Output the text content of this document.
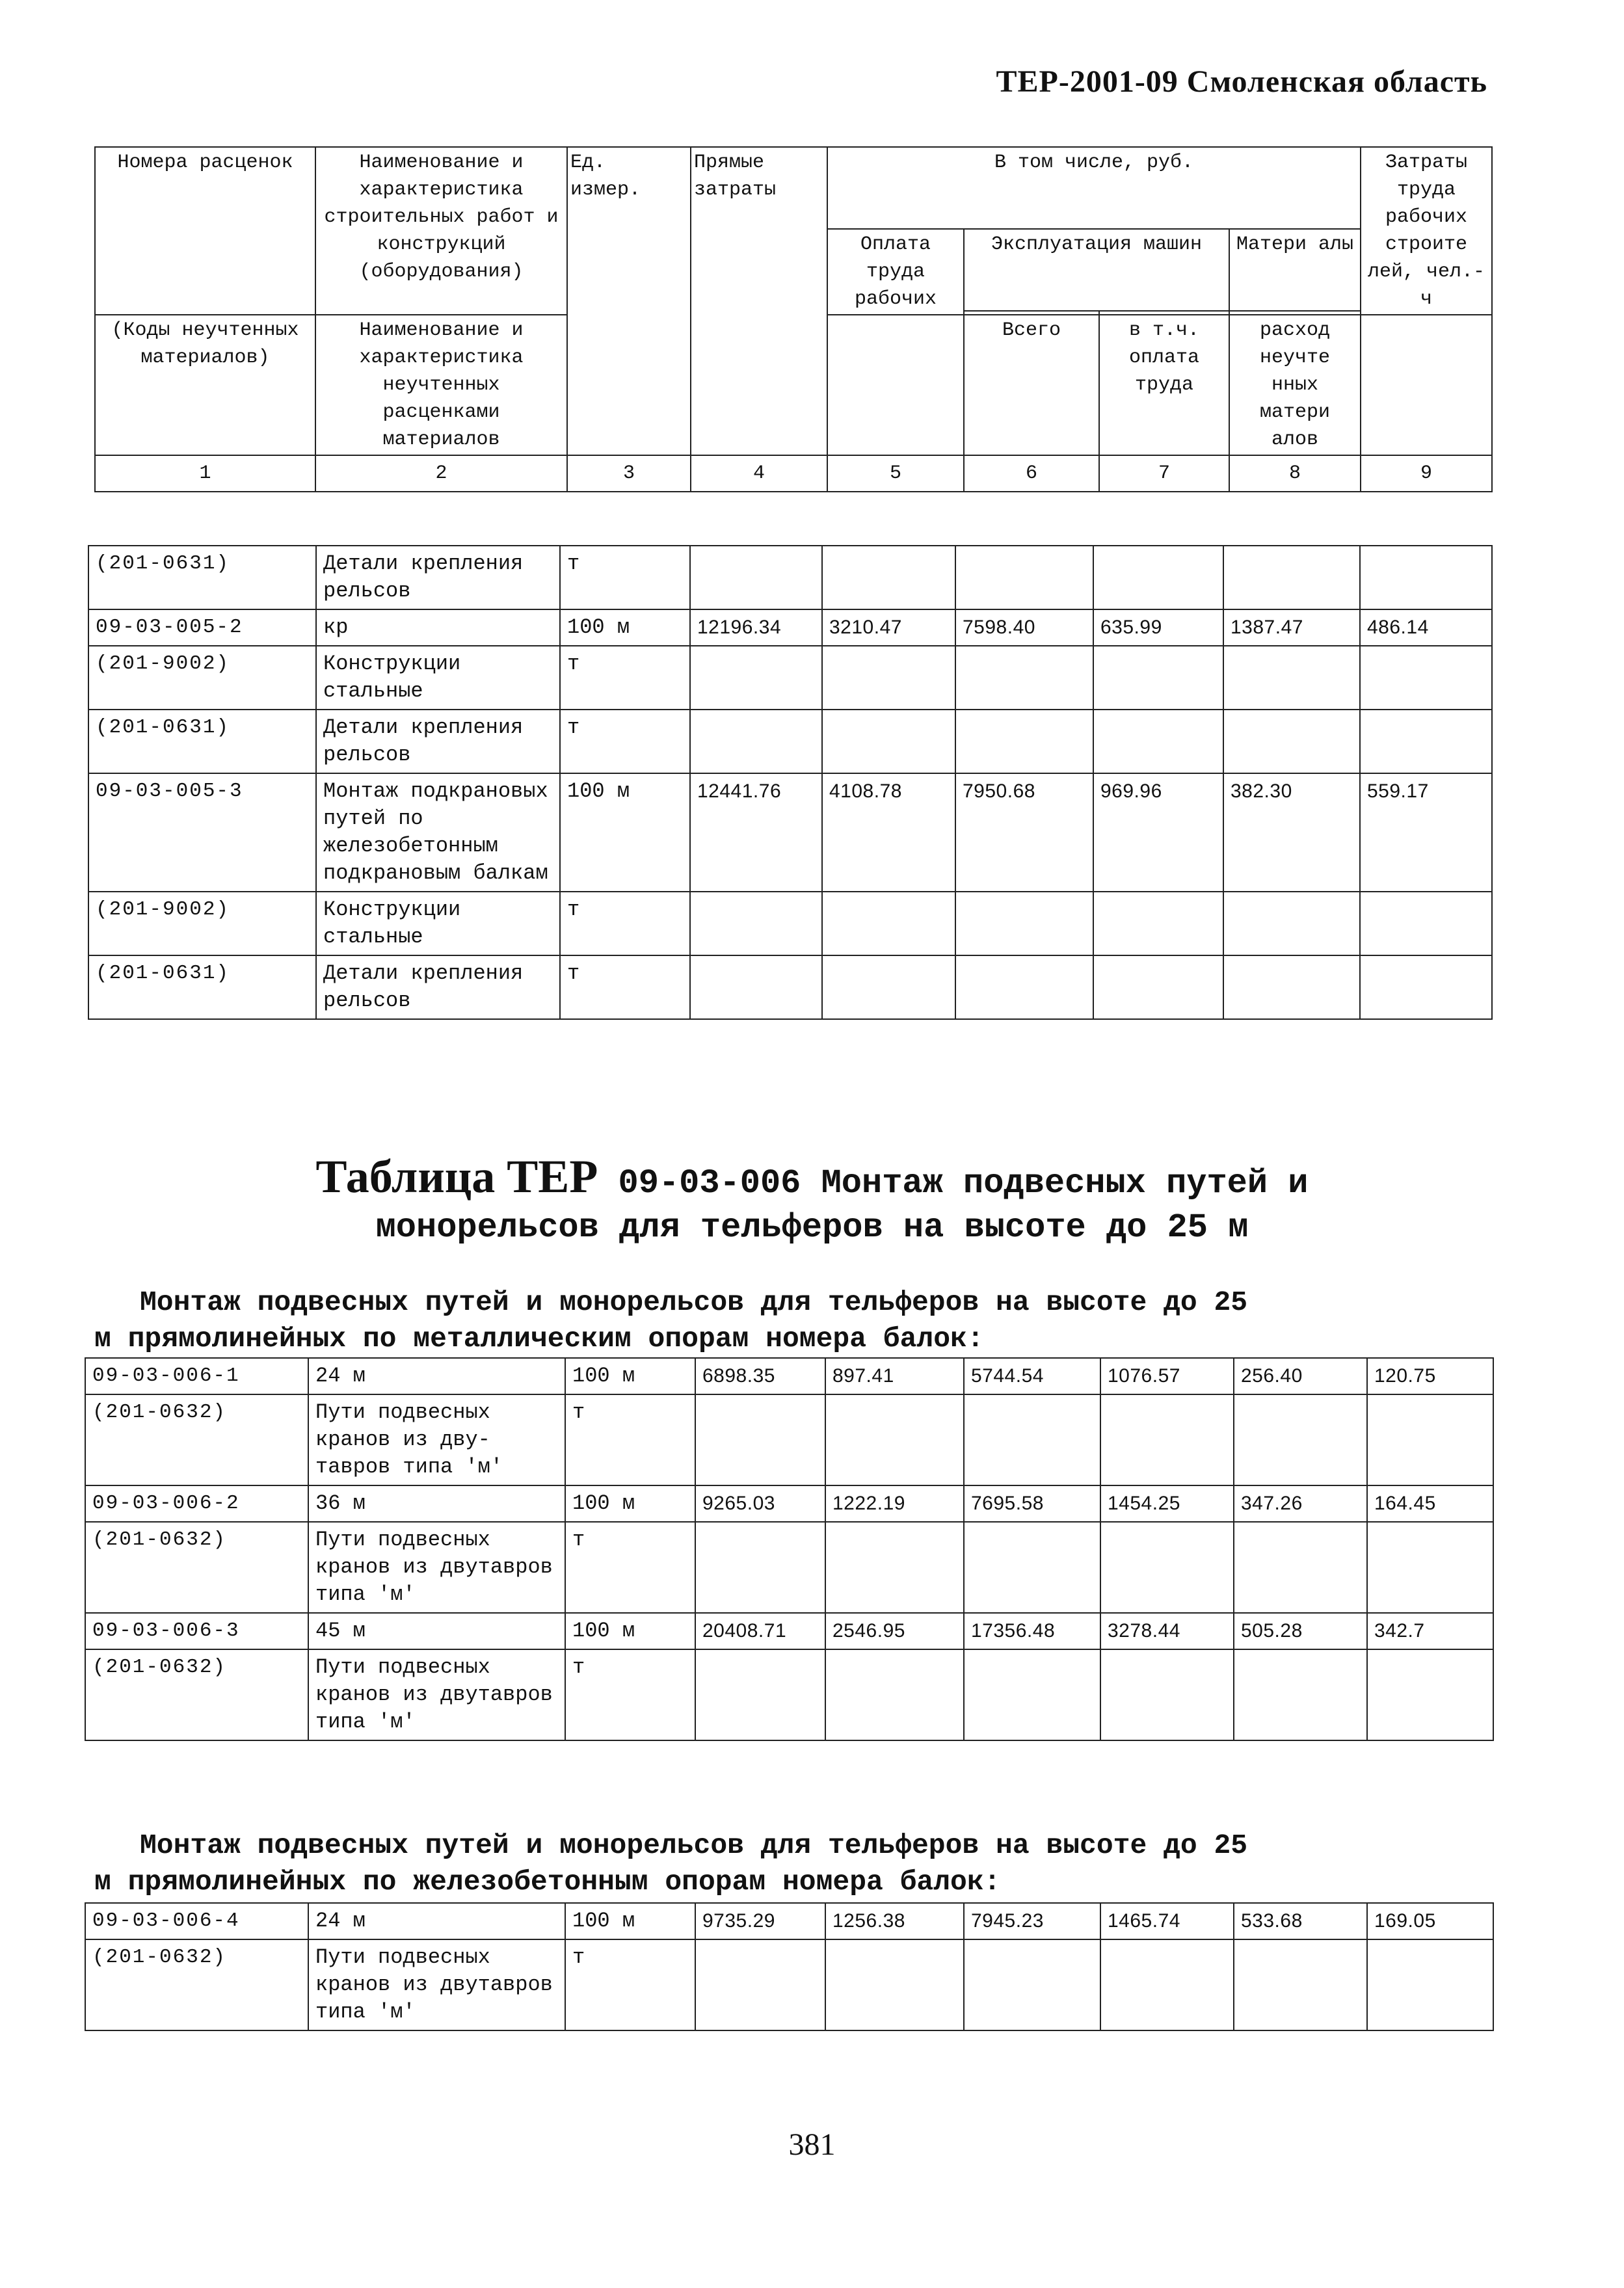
ТЕР-2001-09 Смоленская область
Номера расценок	Наименование и характеристика строительных работ и конструкций (оборудования)	Ед. измер.	Прямые затраты	В том числе, руб.				Затраты труда рабочих строите лей, чел.-ч
				Оплата труда рабочих	Эксплуатация машин		Матери алы	

(Коды неучтенных материалов)	Наименование и характеристика неучтенных расценками материалов				Всего	в т.ч. оплата труда	расход неучте нных матери алов	
1	2	3	4	5	6	7	8	9
(201-0631)	Детали крепления рельсов	т						
09-03-005-2	кр	100 м	12196.34	3210.47	7598.40	635.99	1387.47	486.14
(201-9002)	Конструкции стальные	т						
(201-0631)	Детали крепления рельсов	т						
09-03-005-3	Монтаж подкрановых путей по железобетонным подкрановым балкам	100 м	12441.76	4108.78	7950.68	969.96	382.30	559.17
(201-9002)	Конструкции стальные	т						
(201-0631)	Детали крепления рельсов	т						
Таблица ТЕР 09-03-006 Монтаж подвесных путей и
монорельсов для тельферов на высоте до 25 м
Монтаж подвесных путей и монорельсов для тельферов на высоте до 25
м прямолинейных по металлическим опорам номера балок:
09-03-006-1	24 м	100 м	6898.35	897.41	5744.54	1076.57	256.40	120.75
(201-0632)	Пути подвесных кранов из дву-тавров типа 'м'	т						
09-03-006-2	36 м	100 м	9265.03	1222.19	7695.58	1454.25	347.26	164.45
(201-0632)	Пути подвесных кранов из двутавров типа 'м'	т						
09-03-006-3	45 м	100 м	20408.71	2546.95	17356.48	3278.44	505.28	342.7
(201-0632)	Пути подвесных кранов из двутавров типа 'м'	т						
Монтаж подвесных путей и монорельсов для тельферов на высоте до 25
м прямолинейных по железобетонным опорам номера балок:
09-03-006-4	24 м	100 м	9735.29	1256.38	7945.23	1465.74	533.68	169.05
(201-0632)	Пути подвесных кранов из двутавров типа 'м'	т						
381
